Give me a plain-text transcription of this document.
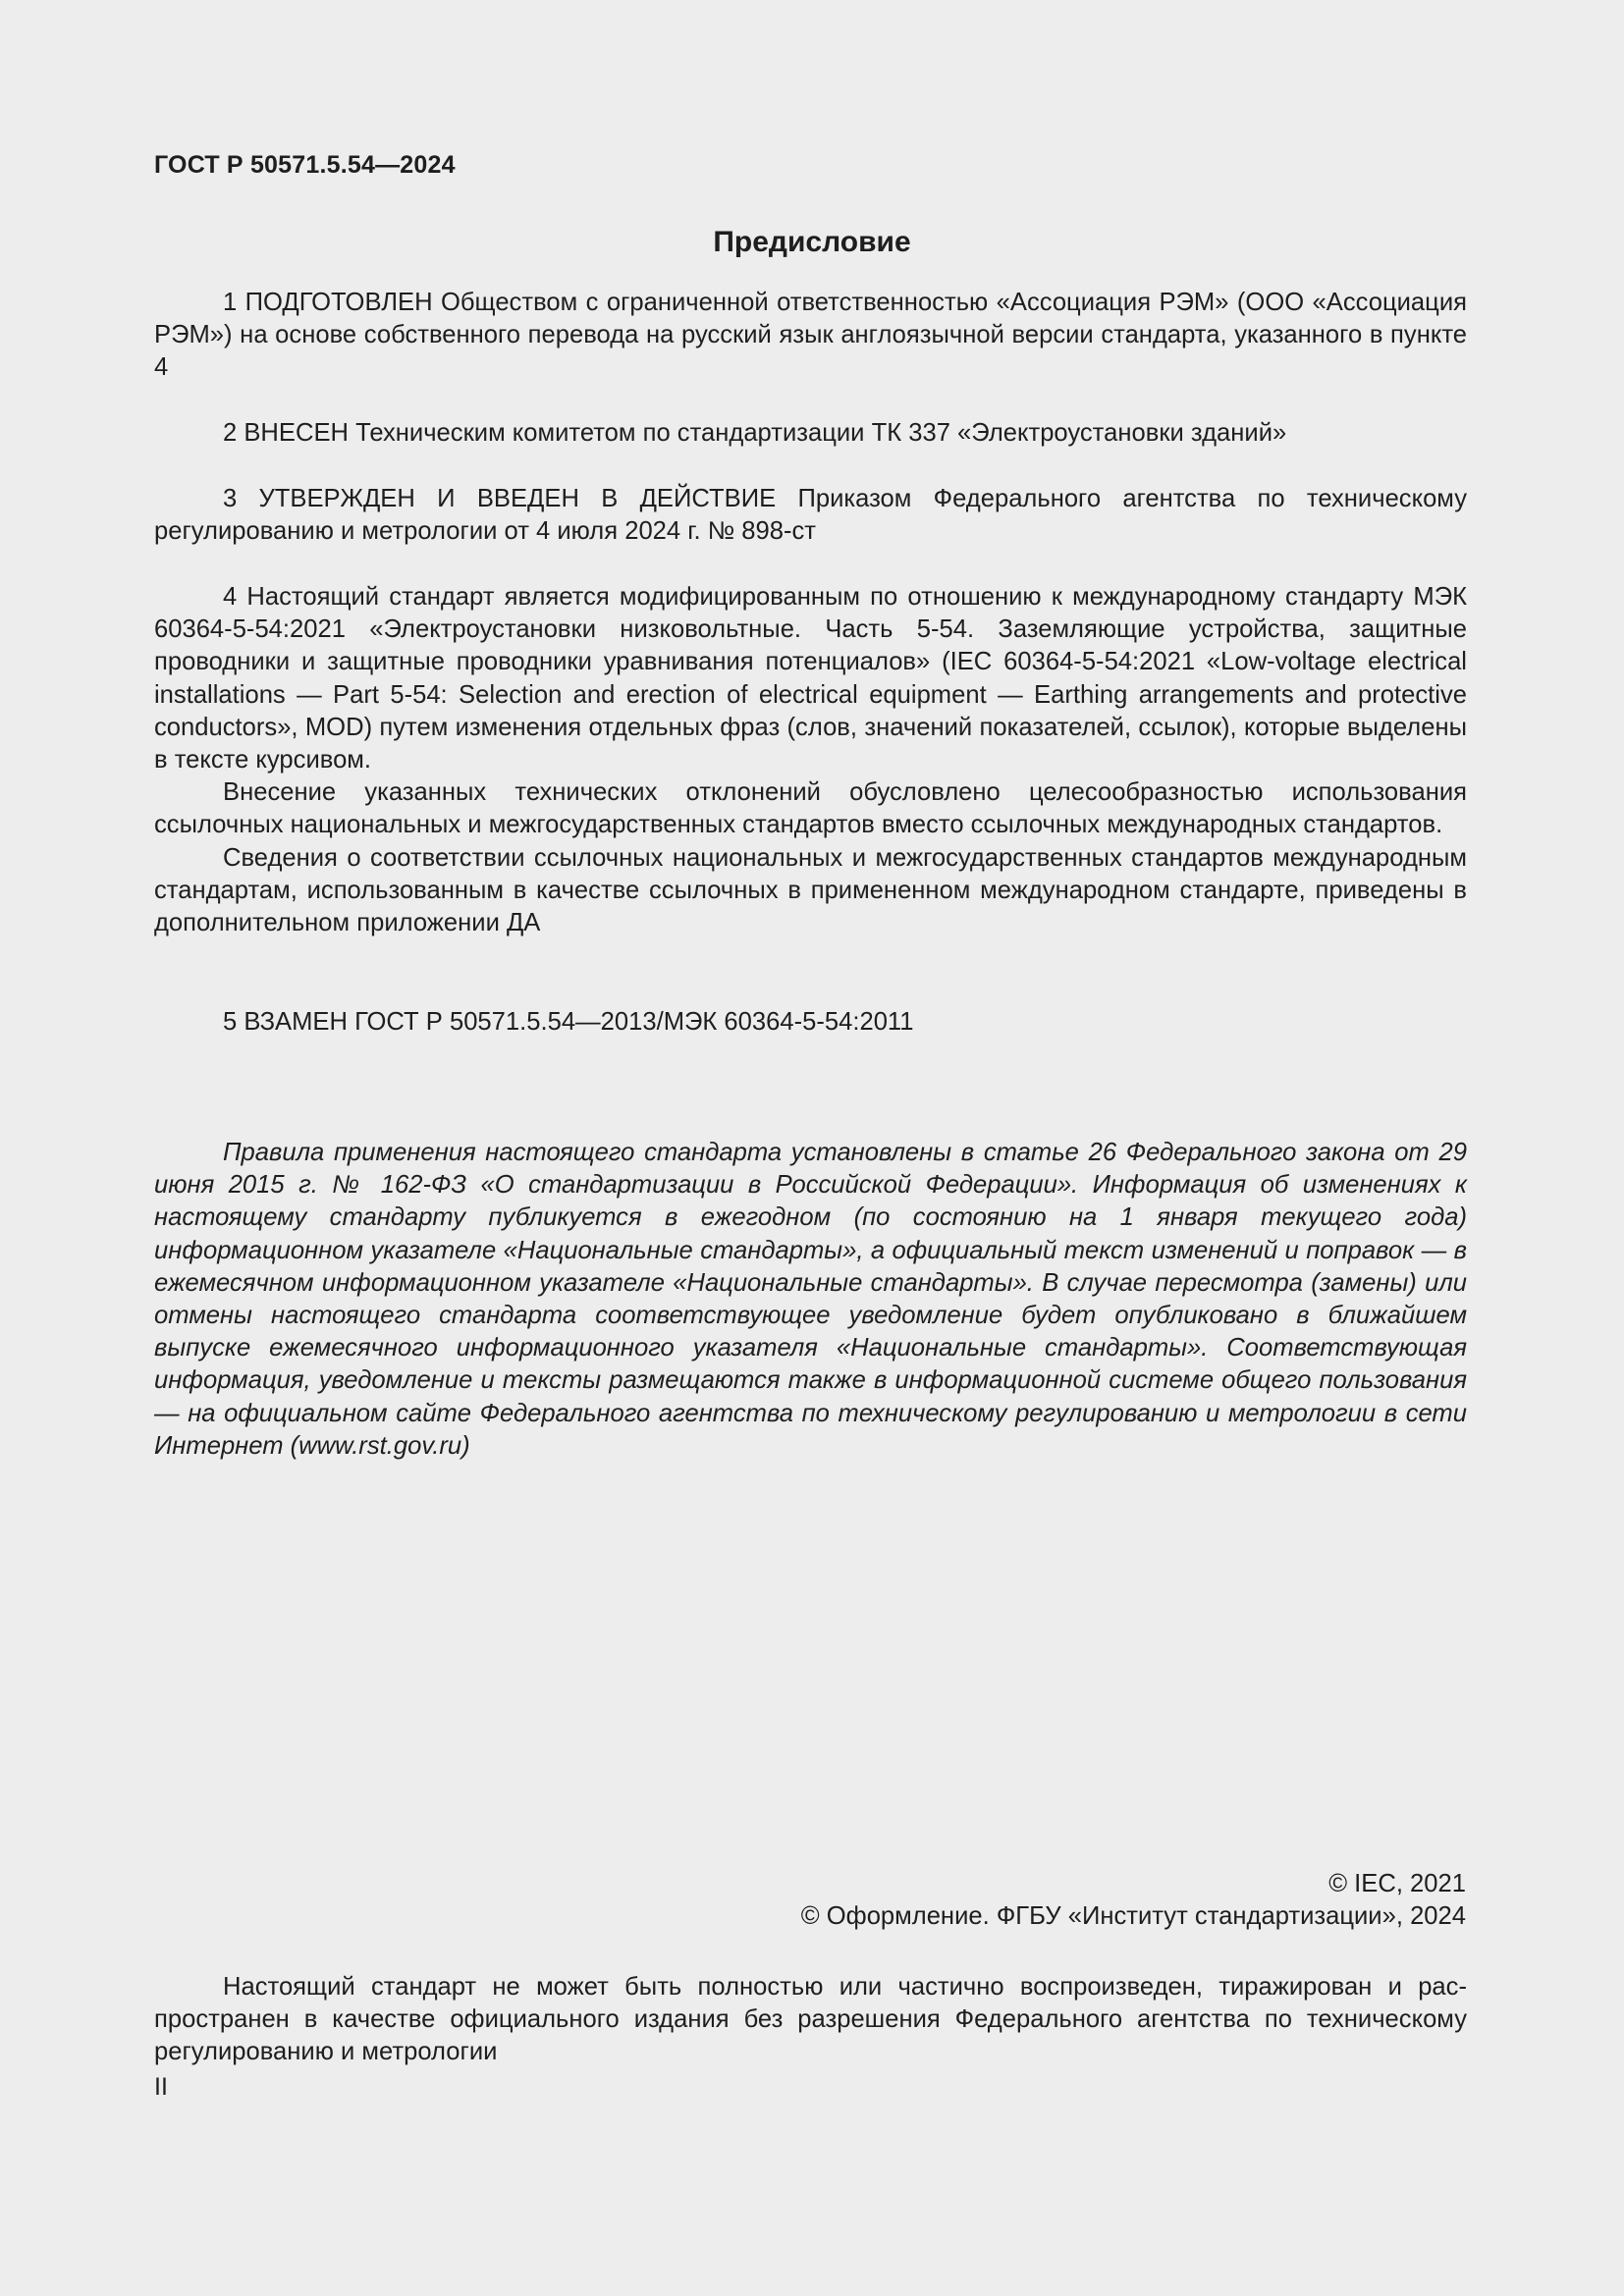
ГОСТ Р 50571.5.54—2024
Предисловие

1 ПОДГОТОВЛЕН Обществом с ограниченной ответственностью «Ассоциация РЭМ» (ООО «Ассоциация РЭМ») на основе собственного перевода на русский язык англоязычной версии стандарта, указанного в пункте 4

2 ВНЕСЕН Техническим комитетом по стандартизации ТК 337 «Электроустановки зданий»

3 УТВЕРЖДЕН И ВВЕДЕН В ДЕЙСТВИЕ Приказом Федерального агентства по техническому регулированию и метрологии от 4 июля 2024 г. № 898-ст

4 Настоящий стандарт является модифицированным по отношению к международному стандарту МЭК 60364-5-54:2021 «Электроустановки низковольтные. Часть 5-54. Заземляющие устройства, защитные проводники и защитные проводники уравнивания потенциалов» (IEC 60364-5-54:2021 «Low-voltage electrical installations — Part 5-54: Selection and erection of electrical equipment — Earthing arrangements and protective conductors», MOD) путем изменения отдельных фраз (слов, значений показателей, ссылок), которые выделены в тексте курсивом.

Внесение указанных технических отклонений обусловлено целесообразностью использования ссылочных национальных и межгосударственных стандартов вместо ссылочных международных стандартов.

Сведения о соответствии ссылочных национальных и межгосударственных стандартов международным стандартам, использованным в качестве ссылочных в примененном международном стандарте, приведены в дополнительном приложении ДА

5 ВЗАМЕН ГОСТ Р 50571.5.54—2013/МЭК 60364-5-54:2011

Правила применения настоящего стандарта установлены в статье 26 Федерального закона от 29 июня 2015 г. № 162-ФЗ «О стандартизации в Российской Федерации». Информация об изменениях к настоящему стандарту публикуется в ежегодном (по состоянию на 1 января текущего года) информационном указателе «Национальные стандарты», а официальный текст изменений и поправок — в ежемесячном информационном указателе «Национальные стандарты». В случае пересмотра (замены) или отмены настоящего стандарта соответствующее уведомление будет опубликовано в ближайшем выпуске ежемесячного информационного указателя «Национальные стандарты». Соответствующая информация, уведомление и тексты размещаются также в информационной системе общего пользования — на официальном сайте Федерального агентства по техническому регулированию и метрологии в сети Интернет (www.rst.gov.ru)

© IEC, 2021
© Оформление. ФГБУ «Институт стандартизации», 2024

Настоящий стандарт не может быть полностью или частично воспроизведен, тиражирован и распространен в качестве официального издания без разрешения Федерального агентства по техническому регулированию и метрологии

II
